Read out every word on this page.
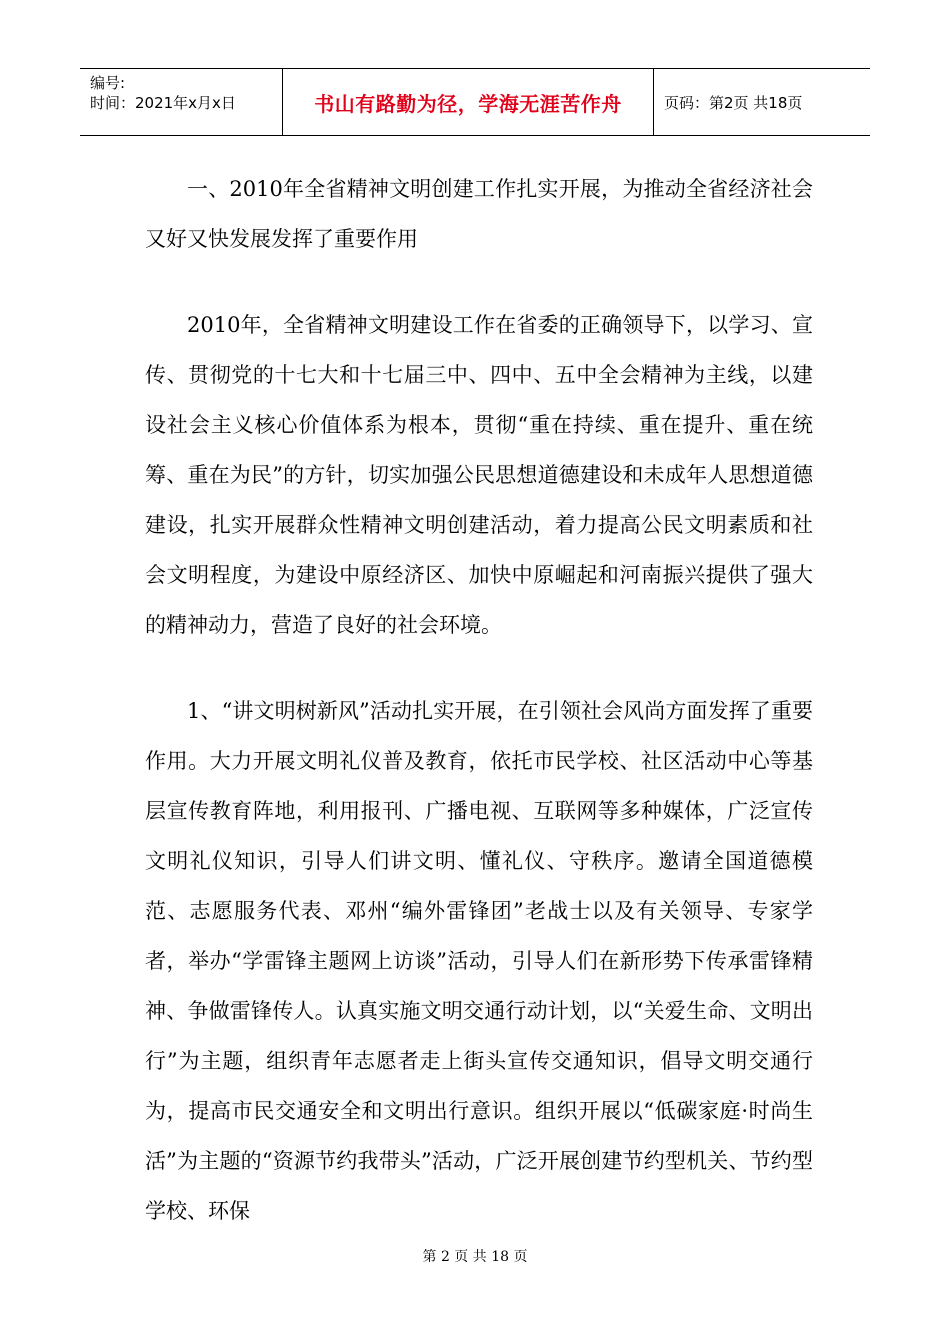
编号:
时间：2021年x月x日	书山有路勤为径，学海无涯苦作舟	页码：第2页 共18页

一、2010年全省精神文明创建工作扎实开展，为推动全省经济社会又好又快发展发挥了重要作用

2010年，全省精神文明建设工作在省委的正确领导下，以学习、宣传、贯彻党的十七大和十七届三中、四中、五中全会精神为主线，以建设社会主义核心价值体系为根本，贯彻“重在持续、重在提升、重在统筹、重在为民”的方针，切实加强公民思想道德建设和未成年人思想道德建设，扎实开展群众性精神文明创建活动，着力提高公民文明素质和社会文明程度，为建设中原经济区、加快中原崛起和河南振兴提供了强大的精神动力，营造了良好的社会环境。

1、“讲文明树新风”活动扎实开展，在引领社会风尚方面发挥了重要作用。大力开展文明礼仪普及教育，依托市民学校、社区活动中心等基层宣传教育阵地，利用报刊、广播电视、互联网等多种媒体，广泛宣传文明礼仪知识，引导人们讲文明、懂礼仪、守秩序。邀请全国道德模范、志愿服务代表、邓州“编外雷锋团”老战士以及有关领导、专家学者，举办“学雷锋主题网上访谈”活动，引导人们在新形势下传承雷锋精神、争做雷锋传人。认真实施文明交通行动计划，以“关爱生命、文明出行”为主题，组织青年志愿者走上街头宣传交通知识，倡导文明交通行为，提高市民交通安全和文明出行意识。组织开展以“低碳家庭·时尚生活”为主题的“资源节约我带头”活动，广泛开展创建节约型机关、节约型学校、环保

第 2 页 共 18 页
